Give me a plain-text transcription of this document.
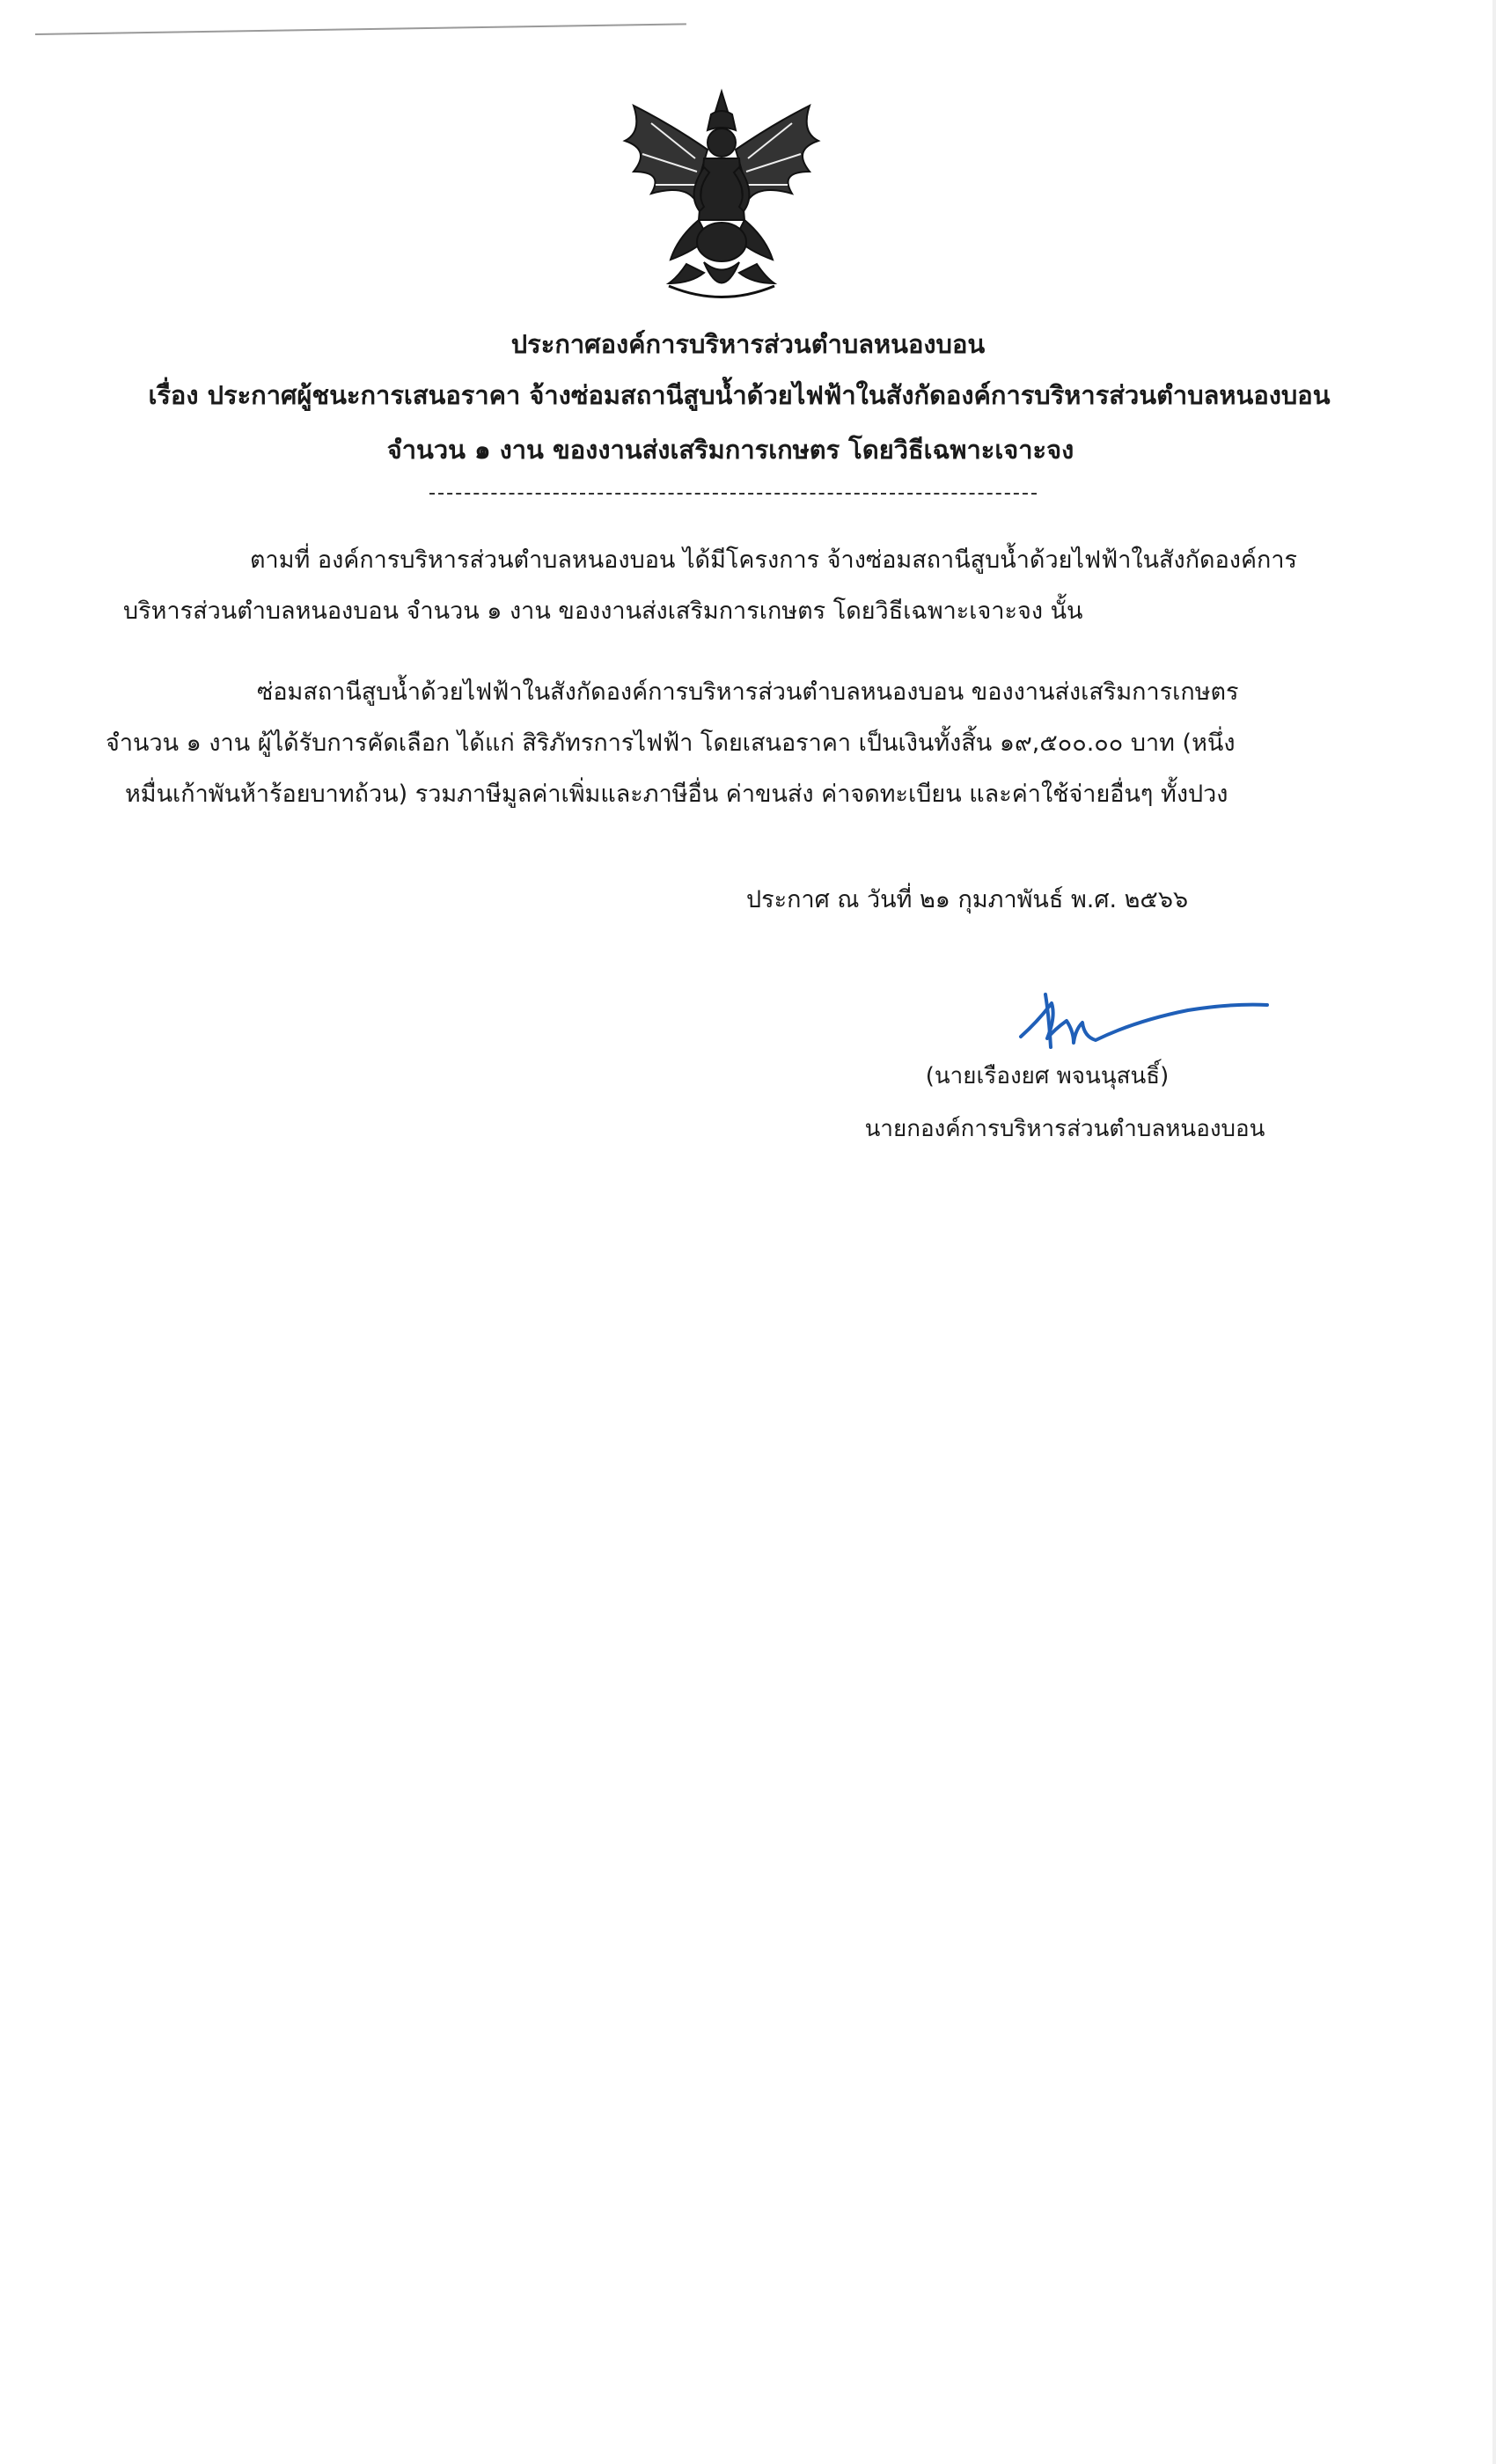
ประกาศองค์การบริหารส่วนตำบลหนองบอน
เรื่อง ประกาศผู้ชนะการเสนอราคา จ้างซ่อมสถานีสูบน้ำด้วยไฟฟ้าในสังกัดองค์การบริหารส่วนตำบลหนองบอน
จำนวน ๑ งาน ของงานส่งเสริมการเกษตร โดยวิธีเฉพาะเจาะจง
ตามที่ องค์การบริหารส่วนตำบลหนองบอน ได้มีโครงการ จ้างซ่อมสถานีสูบน้ำด้วยไฟฟ้าในสังกัดองค์การ
บริหารส่วนตำบลหนองบอน จำนวน ๑ งาน ของงานส่งเสริมการเกษตร โดยวิธีเฉพาะเจาะจง นั้น
ซ่อมสถานีสูบน้ำด้วยไฟฟ้าในสังกัดองค์การบริหารส่วนตำบลหนองบอน ของงานส่งเสริมการเกษตร
จำนวน ๑ งาน ผู้ได้รับการคัดเลือก ได้แก่ สิริภัทรการไฟฟ้า โดยเสนอราคา เป็นเงินทั้งสิ้น ๑๙,๕๐๐.๐๐ บาท (หนึ่ง
หมื่นเก้าพันห้าร้อยบาทถ้วน) รวมภาษีมูลค่าเพิ่มและภาษีอื่น ค่าขนส่ง ค่าจดทะเบียน และค่าใช้จ่ายอื่นๆ ทั้งปวง
ประกาศ ณ วันที่ ๒๑ กุมภาพันธ์ พ.ศ. ๒๕๖๖
(นายเรืองยศ พจนนุสนธิ์)
นายกองค์การบริหารส่วนตำบลหนองบอน
